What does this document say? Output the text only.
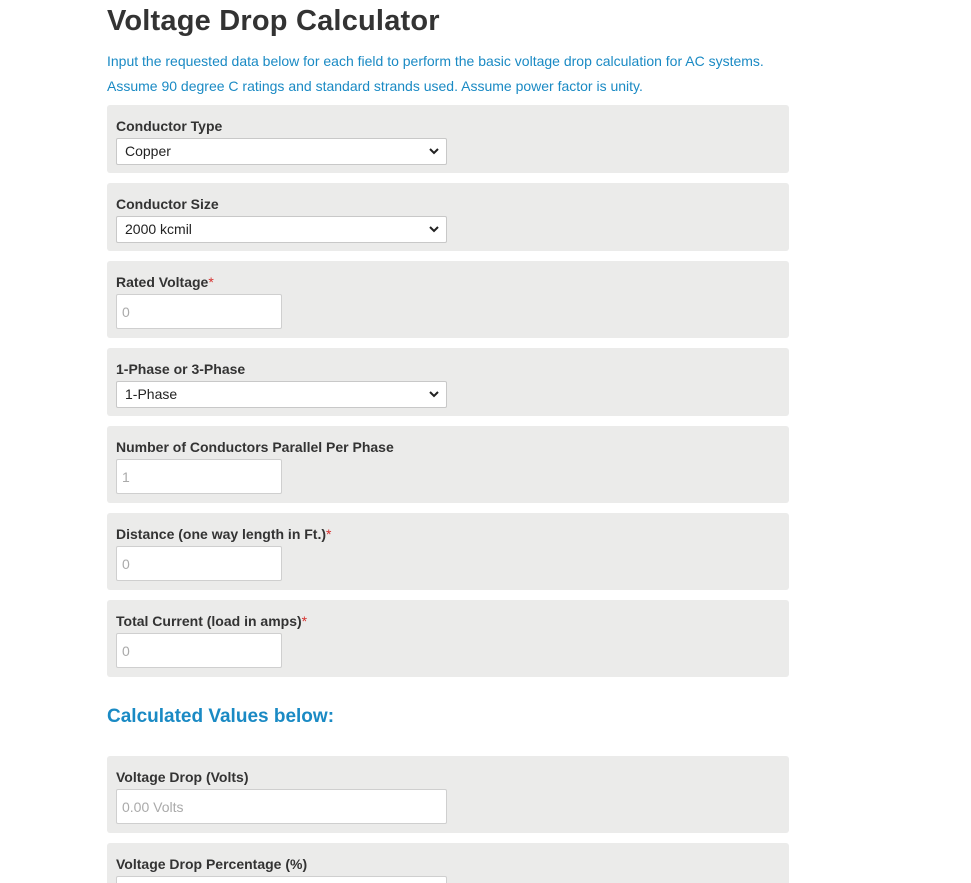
Voltage Drop Calculator
Input the requested data below for each field to perform the basic voltage drop calculation for AC systems.
Assume 90 degree C ratings and standard strands used. Assume power factor is unity.
Conductor Type
Copper
Conductor Size
2000 kcmil
Rated Voltage*
0
1-Phase or 3-Phase
1-Phase
Number of Conductors Parallel Per Phase
1
Distance (one way length in Ft.)*
0
Total Current (load in amps)*
0
Calculated Values below:
Voltage Drop (Volts)
0.00 Volts
Voltage Drop Percentage (%)
